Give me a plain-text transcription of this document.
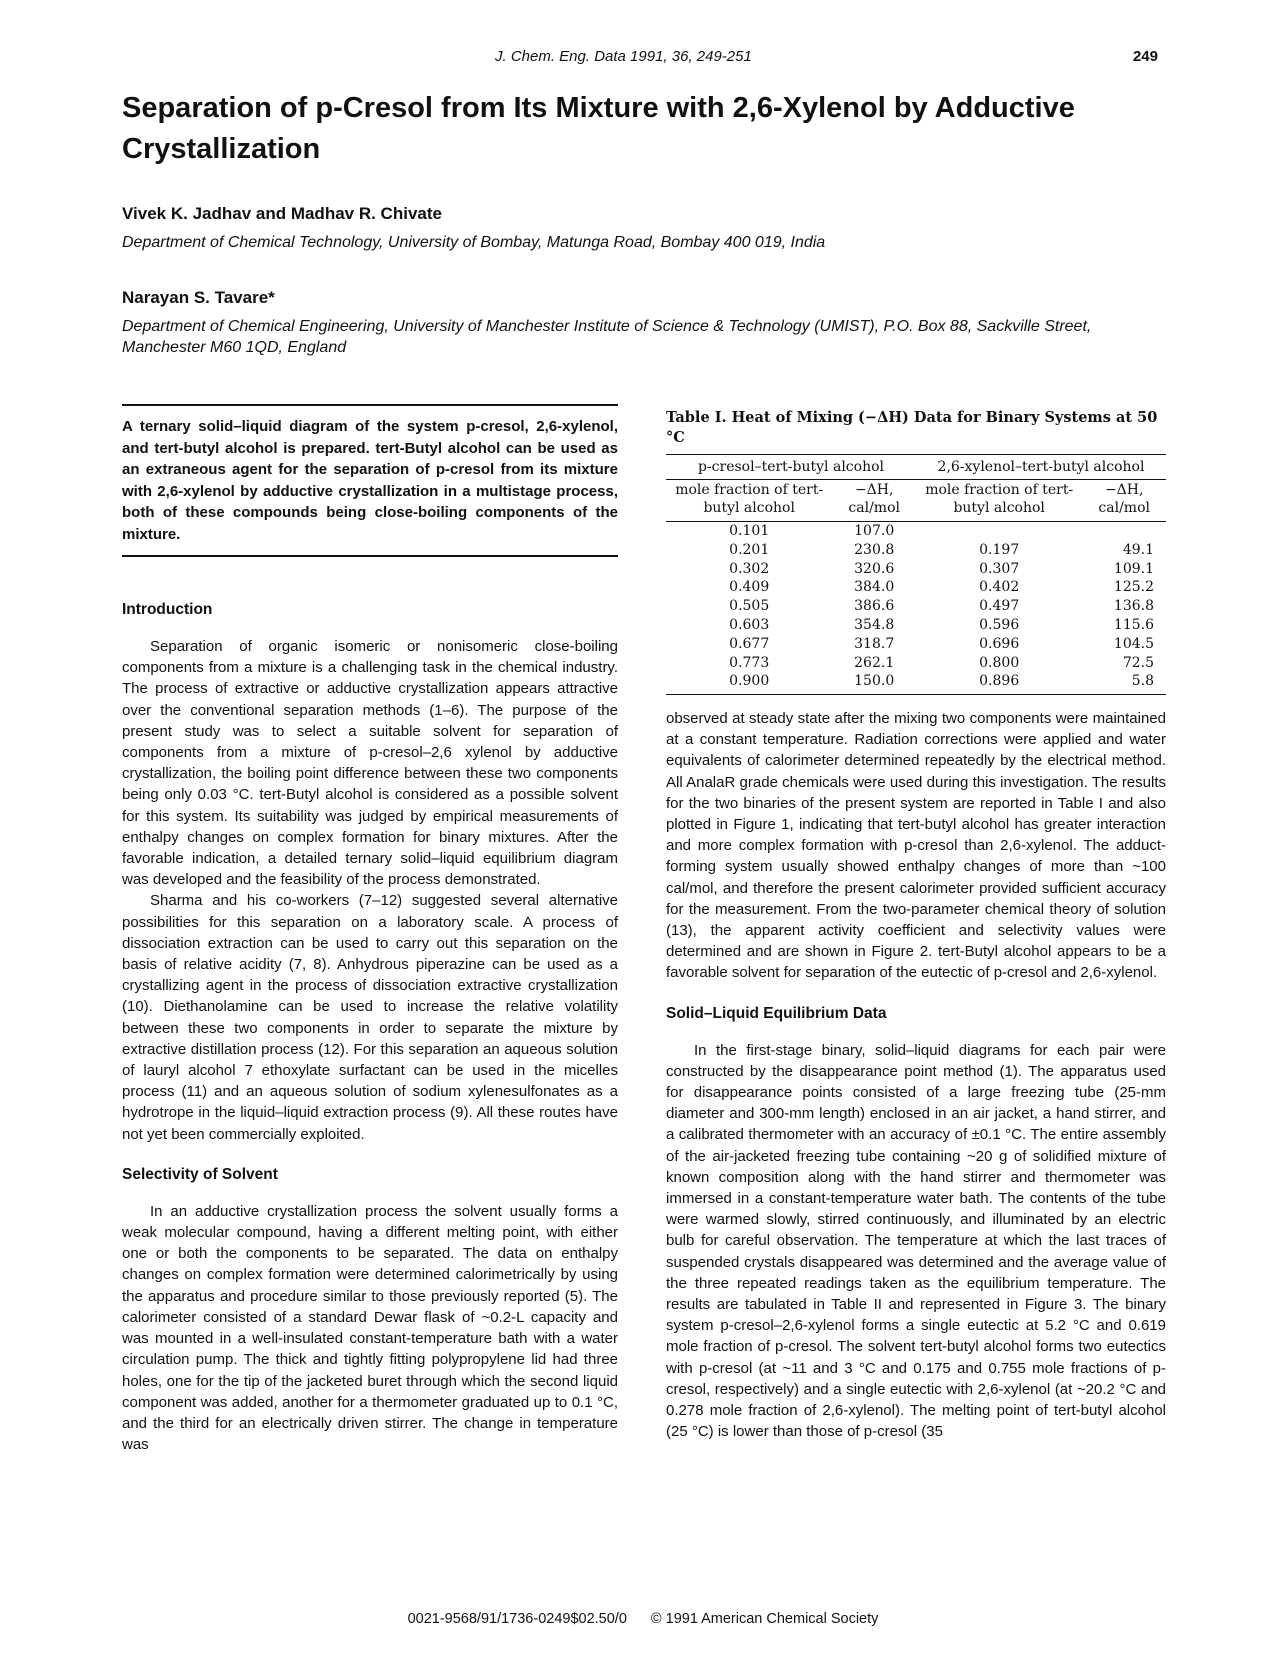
J. Chem. Eng. Data 1991, 36, 249-251	249
Separation of p-Cresol from Its Mixture with 2,6-Xylenol by Adductive Crystallization
Vivek K. Jadhav and Madhav R. Chivate
Department of Chemical Technology, University of Bombay, Matunga Road, Bombay 400 019, India
Narayan S. Tavare*
Department of Chemical Engineering, University of Manchester Institute of Science & Technology (UMIST), P.O. Box 88, Sackville Street, Manchester M60 1QD, England

A ternary solid–liquid diagram of the system p-cresol, 2,6-xylenol, and tert-butyl alcohol is prepared. tert-Butyl alcohol can be used as an extraneous agent for the separation of p-cresol from its mixture with 2,6-xylenol by adductive crystallization in a multistage process, both of these compounds being close-boiling components of the mixture.

Introduction

Separation of organic isomeric or nonisomeric close-boiling components from a mixture is a challenging task in the chemical industry. The process of extractive or adductive crystallization appears attractive over the conventional separation methods (1–6). The purpose of the present study was to select a suitable solvent for separation of components from a mixture of p-cresol–2,6 xylenol by adductive crystallization, the boiling point difference between these two components being only 0.03 °C. tert-Butyl alcohol is considered as a possible solvent for this system. Its suitability was judged by empirical measurements of enthalpy changes on complex formation for binary mixtures. After the favorable indication, a detailed ternary solid–liquid equilibrium diagram was developed and the feasibility of the process demonstrated.

Sharma and his co-workers (7–12) suggested several alternative possibilities for this separation on a laboratory scale. A process of dissociation extraction can be used to carry out this separation on the basis of relative acidity (7, 8). Anhydrous piperazine can be used as a crystallizing agent in the process of dissociation extractive crystallization (10). Diethanolamine can be used to increase the relative volatility between these two components in order to separate the mixture by extractive distillation process (12). For this separation an aqueous solution of lauryl alcohol 7 ethoxylate surfactant can be used in the micelles process (11) and an aqueous solution of sodium xylenesulfonates as a hydrotrope in the liquid–liquid extraction process (9). All these routes have not yet been commercially exploited.

Selectivity of Solvent

In an adductive crystallization process the solvent usually forms a weak molecular compound, having a different melting point, with either one or both the components to be separated. The data on enthalpy changes on complex formation were determined calorimetrically by using the apparatus and procedure similar to those previously reported (5). The calorimeter consisted of a standard Dewar flask of ~0.2-L capacity and was mounted in a well-insulated constant-temperature bath with a water circulation pump. The thick and tightly fitting polypropylene lid had three holes, one for the tip of the jacketed buret through which the second liquid component was added, another for a thermometer graduated up to 0.1 °C, and the third for an electrically driven stirrer. The change in temperature was

Table I. Heat of Mixing (−ΔH) Data for Binary Systems at 50 °C

p-cresol–tert-butyl alcohol		2,6-xylenol–tert-butyl alcohol	
mole fraction of tert-butyl alcohol	−ΔH, cal/mol	mole fraction of tert-butyl alcohol	−ΔH, cal/mol
0.101	107.0		
0.201	230.8	0.197	49.1
0.302	320.6	0.307	109.1
0.409	384.0	0.402	125.2
0.505	386.6	0.497	136.8
0.603	354.8	0.596	115.6
0.677	318.7	0.696	104.5
0.773	262.1	0.800	72.5
0.900	150.0	0.896	5.8

observed at steady state after the mixing two components were maintained at a constant temperature. Radiation corrections were applied and water equivalents of calorimeter determined repeatedly by the electrical method. All AnalaR grade chemicals were used during this investigation. The results for the two binaries of the present system are reported in Table I and also plotted in Figure 1, indicating that tert-butyl alcohol has greater interaction and more complex formation with p-cresol than 2,6-xylenol. The adduct-forming system usually showed enthalpy changes of more than ~100 cal/mol, and therefore the present calorimeter provided sufficient accuracy for the measurement. From the two-parameter chemical theory of solution (13), the apparent activity coefficient and selectivity values were determined and are shown in Figure 2. tert-Butyl alcohol appears to be a favorable solvent for separation of the eutectic of p-cresol and 2,6-xylenol.

Solid–Liquid Equilibrium Data

In the first-stage binary, solid–liquid diagrams for each pair were constructed by the disappearance point method (1). The apparatus used for disappearance points consisted of a large freezing tube (25-mm diameter and 300-mm length) enclosed in an air jacket, a hand stirrer, and a calibrated thermometer with an accuracy of ±0.1 °C. The entire assembly of the air-jacketed freezing tube containing ~20 g of solidified mixture of known composition along with the hand stirrer and thermometer was immersed in a constant-temperature water bath. The contents of the tube were warmed slowly, stirred continuously, and illuminated by an electric bulb for careful observation. The temperature at which the last traces of suspended crystals disappeared was determined and the average value of the three repeated readings taken as the equilibrium temperature. The results are tabulated in Table II and represented in Figure 3. The binary system p-cresol–2,6-xylenol forms a single eutectic at 5.2 °C and 0.619 mole fraction of p-cresol. The solvent tert-butyl alcohol forms two eutectics with p-cresol (at ~11 and 3 °C and 0.175 and 0.755 mole fractions of p-cresol, respectively) and a single eutectic with 2,6-xylenol (at ~20.2 °C and 0.278 mole fraction of 2,6-xylenol). The melting point of tert-butyl alcohol (25 °C) is lower than those of p-cresol (35

0021-9568/91/1736-0249$02.50/0 © 1991 American Chemical Society
